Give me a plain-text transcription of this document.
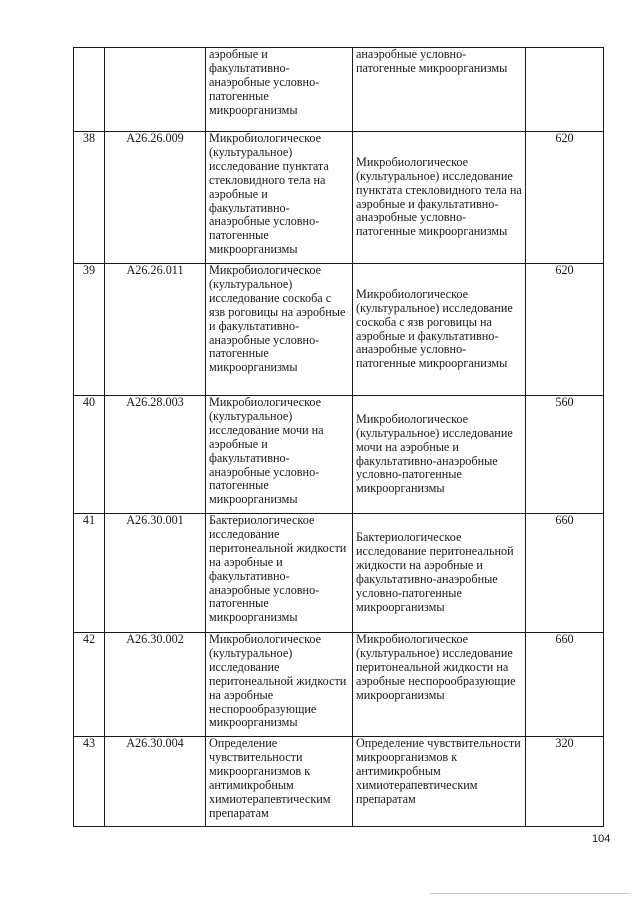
		аэробные и факультативно-анаэробные условно-патогенные микроорганизмы	анаэробные условно-патогенные микроорганизмы	
38	A26.26.009	Микробиологическое (культуральное) исследование пунктата стекловидного тела на аэробные и факультативно-анаэробные условно-патогенные микроорганизмы	Микробиологическое (культуральное) исследование пунктата стекловидного тела на аэробные и факультативно-анаэробные условно-патогенные микроорганизмы	620
39	A26.26.011	Микробиологическое (культуральное) исследование соскоба с язв роговицы на аэробные и факультативно-анаэробные условно-патогенные микроорганизмы	Микробиологическое (культуральное) исследование соскоба с язв роговицы на аэробные и факультативно-анаэробные условно-патогенные микроорганизмы	620
40	A26.28.003	Микробиологическое (культуральное) исследование мочи на аэробные и факультативно-анаэробные условно-патогенные микроорганизмы	Микробиологическое (культуральное) исследование мочи на аэробные и факультативно-анаэробные условно-патогенные микроорганизмы	560
41	A26.30.001	Бактериологическое исследование перитонеальной жидкости на аэробные и факультативно-анаэробные условно-патогенные микроорганизмы	Бактериологическое исследование перитонеальной жидкости на аэробные и факультативно-анаэробные условно-патогенные микроорганизмы	660
42	A26.30.002	Микробиологическое (культуральное) исследование перитонеальной жидкости на аэробные неспорообразующие микроорганизмы	Микробиологическое (культуральное) исследование перитонеальной жидкости на аэробные неспорообразующие микроорганизмы	660
43	A26.30.004	Определение чувствительности микроорганизмов к антимикробным химиотерапевтическим препаратам	Определение чувствительности микроорганизмов к антимикробным химиотерапевтическим препаратам	320
104
